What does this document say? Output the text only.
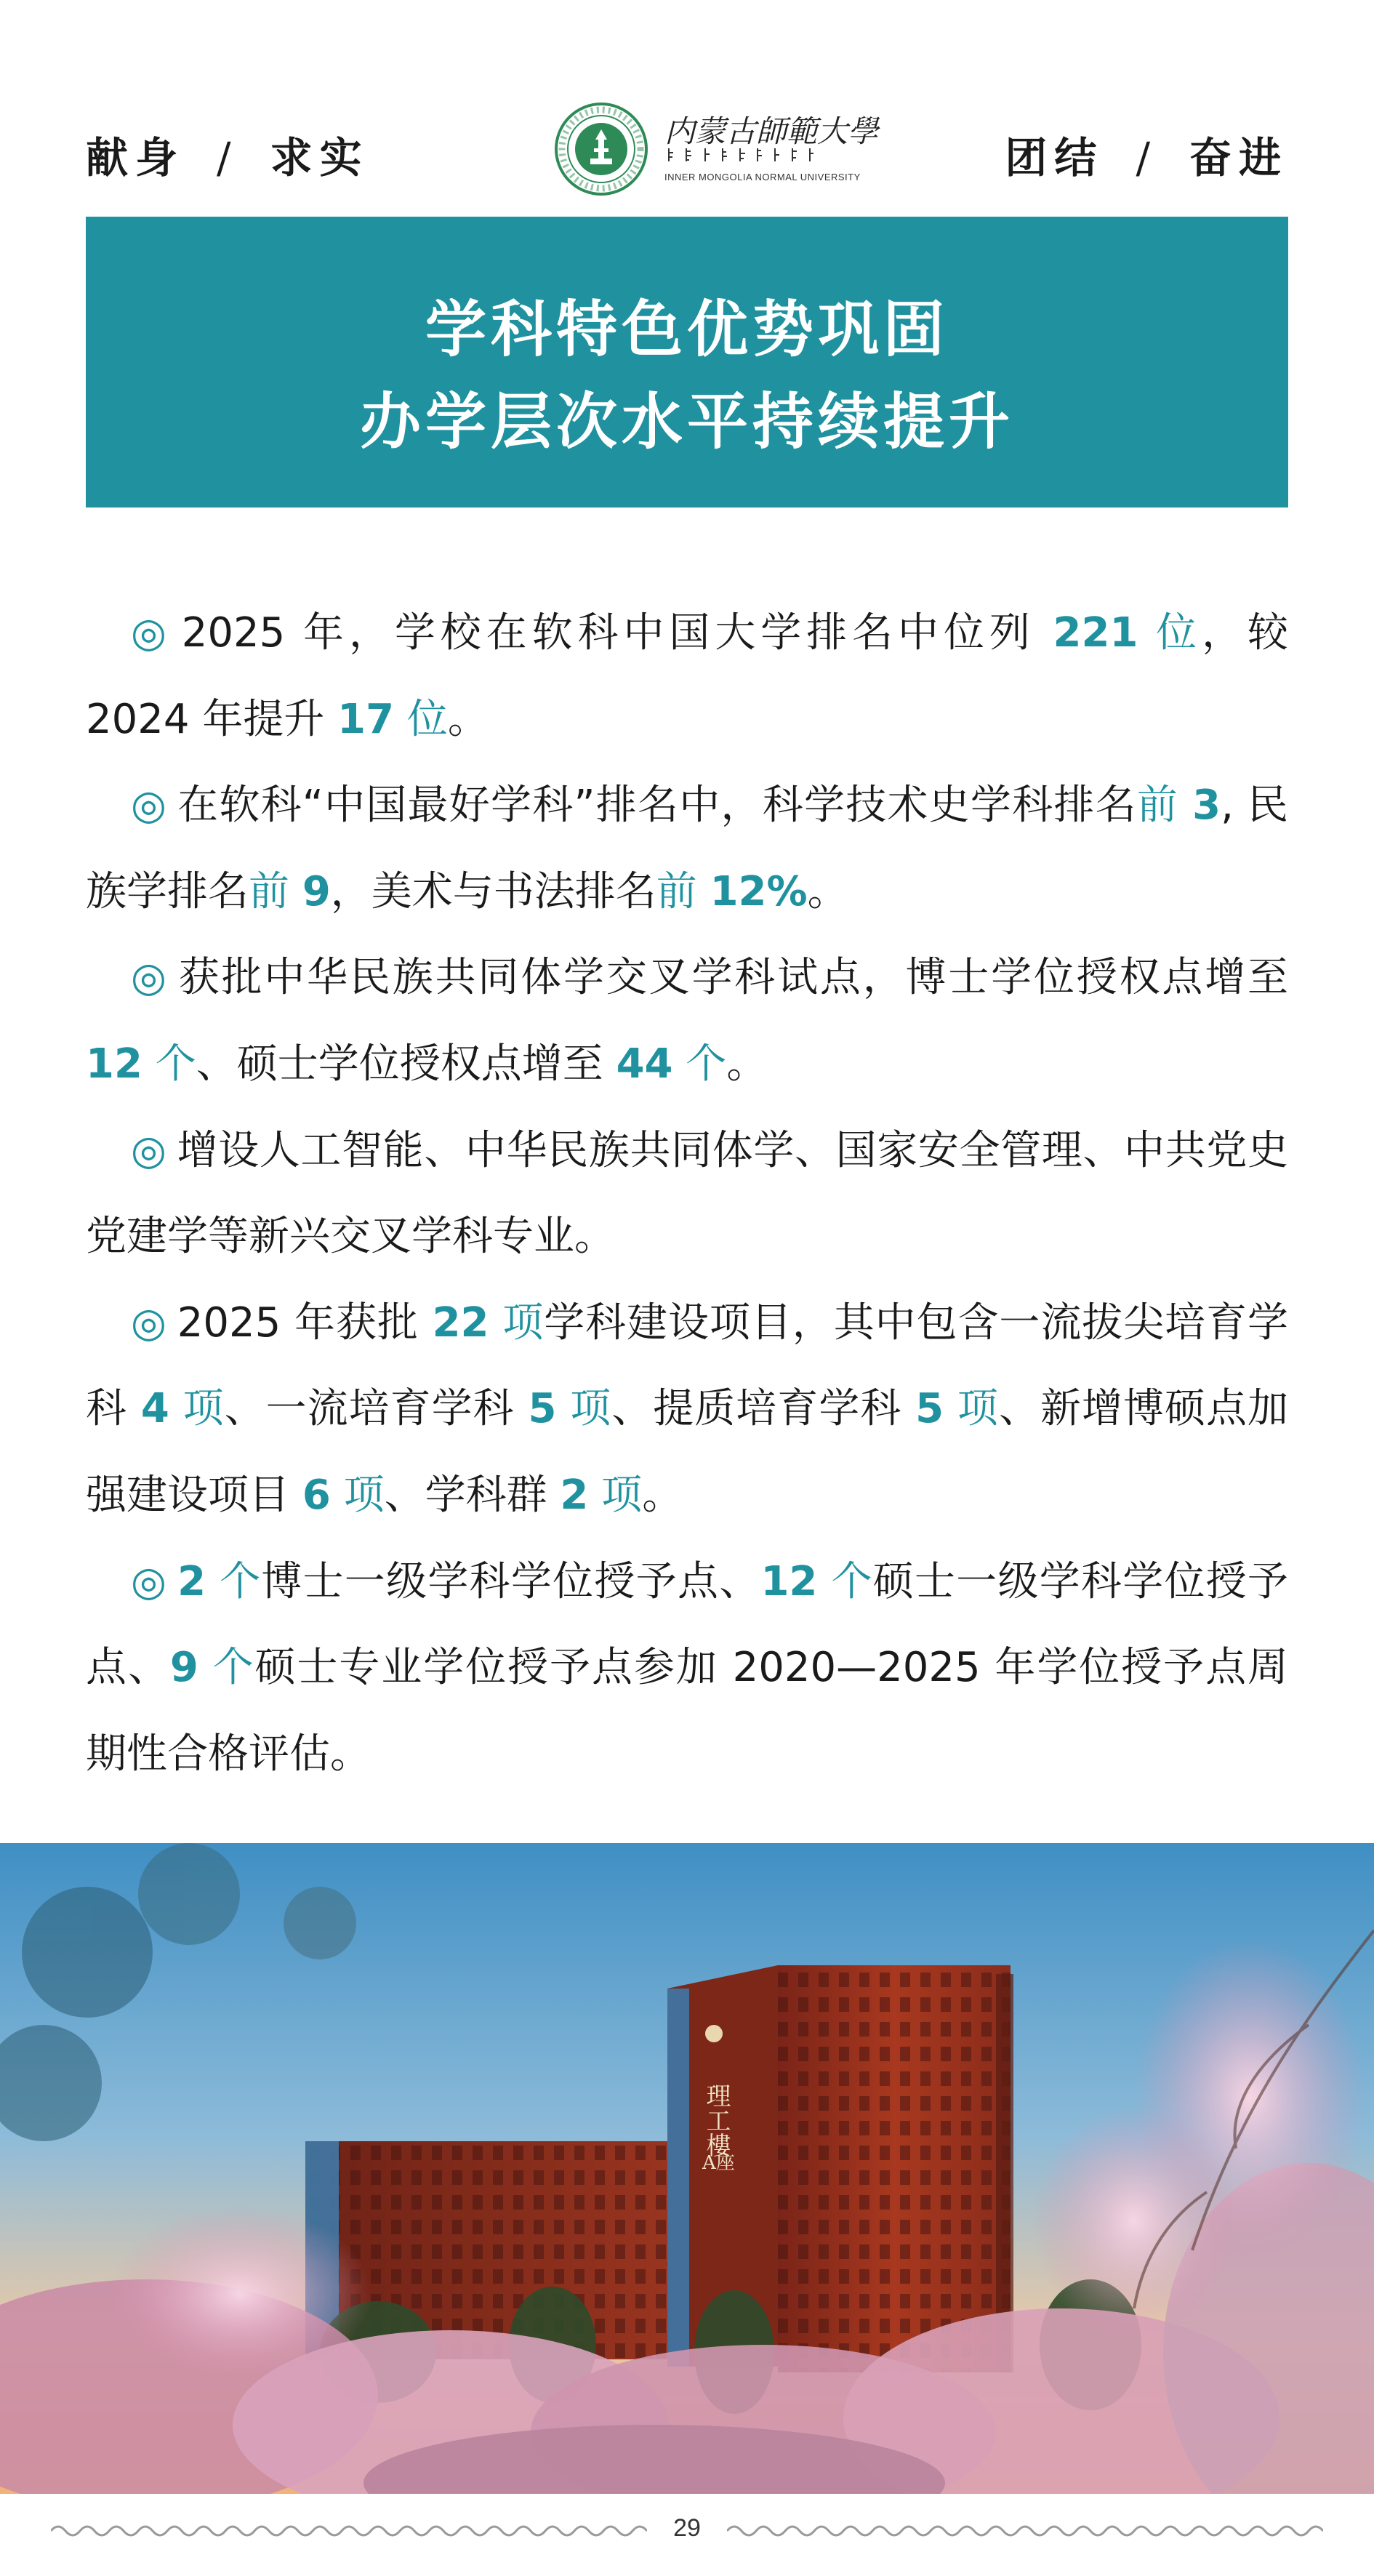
献身 / 求实
内蒙古師範大學
INNER MONGOLIA NORMAL UNIVERSITY	团结 / 奋进
学科特色优势巩固
办学层次水平持续提升

◎ 2025 年，学校在软科中国大学排名中位列 221 位，较 2024 年提升 17 位。

◎ 在软科“中国最好学科”排名中，科学技术史学科排名前 3, 民族学排名前 9，美术与书法排名前 12%。

◎ 获批中华民族共同体学交叉学科试点，博士学位授权点增至 12 个、硕士学位授权点增至 44 个。

◎ 增设人工智能、中华民族共同体学、国家安全管理、中共党史党建学等新兴交叉学科专业。

◎ 2025 年获批 22 项学科建设项目，其中包含一流拔尖培育学科 4 项、一流培育学科 5 项、提质培育学科 5 项、新增博硕点加强建设项目 6 项、学科群 2 项。

◎ 2 个博士一级学科学位授予点、12 个硕士一级学科学位授予点、9 个硕士专业学位授予点参加 2020—2025 年学位授予点周期性合格评估。

理工樓
A座
29
